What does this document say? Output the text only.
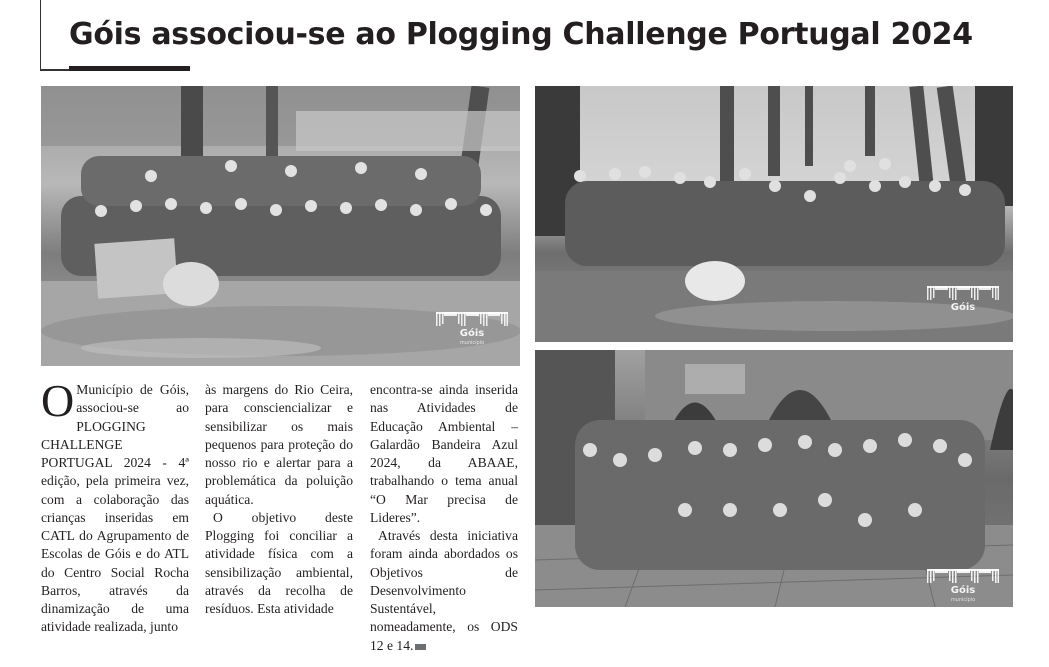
Góis associou-se ao Plogging Challenge Portugal 2024
Góis
município
Góis
Góis
município
O Município de Góis, associou-se ao PLOGGING CHALLENGE PORTUGAL 2024 - 4ª edição, pela primeira vez, com a colaboração das crianças inseridas em CATL do Agrupamento de Escolas de Góis e do ATL do Centro Social Rocha Barros, através da dinamização de uma atividade realizada, junto

às margens do Rio Ceira, para consciencializar e sensibilizar os mais pequenos para proteção do nosso rio e alertar para a problemática da poluição aquática.

O objetivo deste Plogging foi conciliar a atividade física com a sensibilização ambiental, através da recolha de resíduos. Esta atividade

encontra-se ainda inserida nas Atividades de Educação Ambiental – Galardão Bandeira Azul 2024, da ABAAE, trabalhando o tema anual “O Mar precisa de Lideres”.

Através desta iniciativa foram ainda abordados os Objetivos de Desenvolvimento Sustentável, nomeadamente, os ODS 12 e 14.
